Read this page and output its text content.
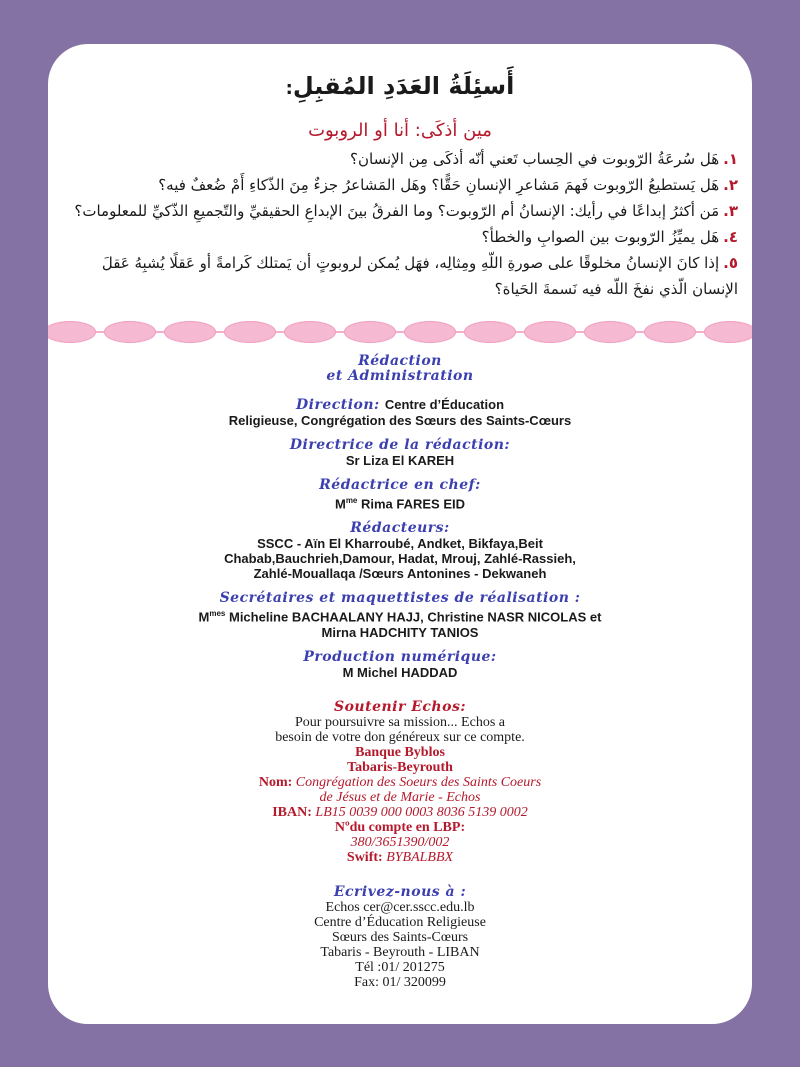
أَسئِلَةُ العَدَدِ المُقبِلِ:
مين أذكَى: أنا أو الروبوت
١.هَل سُرعَةُ الرّوبوت في الحِساب تَعني أنّه أذكَى مِن الإنسان؟
٢.هَل يَستطيعُ الرّوبوت فَهمَ مَشاعرِ الإنسانِ حَقًّا؟ وهَل المَشاعرُ جزءٌ مِنَ الذّكاءِ أَمْ ضُعفٌ فيه؟
٣.مَن أكثرُ إبداعًا في رأيك: الإنسانُ أم الرّوبوت؟ وما الفرقُ بينَ الإبداعِ الحقيقيِّ والتّجميعِ الذّكيِّ للمعلومات؟
٤.هَل يميِّزُ الرّوبوت بين الصوابِ والخطأ؟
٥.إذا كانَ الإنسانُ مخلوقًا على صورةِ اللّهِ ومِثالِه، فهَل يُمكن لروبوتٍ أن يَمتلك كَرامةً أو عَقلًا يُشبِهُ عَقلَ الإنسان الّذي نفخَ اللّه فيه نَسمةَ الحَياة؟
Rédaction
et Administration
Direction: Centre d’Éducation
Religieuse, Congrégation des Sœurs des Saints-Cœurs
Directrice de la rédaction:
Sr Liza El KAREH
Rédactrice en chef:
$M^{me}$ Rima FARES EID
Rédacteurs:
SSCC - Aïn El Kharroubé, Andket, Bikfaya,Beit
Chabab,Bauchrieh,Damour, Hadat, Mrouj, Zahlé-Rassieh,
Zahlé-Mouallaqa /Sœurs Antonines - Dekwaneh
Secrétaires et maquettistes de réalisation :
$M^{mes}$ Micheline BACHAALANY HAJJ, Christine NASR NICOLAS et
Mirna HADCHITY TANIOS
Production numérique:
M Michel HADDAD
Soutenir Echos:
Pour poursuivre sa mission... Echos a
besoin de votre don généreux sur ce compte.
Banque Byblos
Tabaris-Beyrouth
Nom: Congrégation des Soeurs des Saints Coeurs
de Jésus et de Marie - Echos
IBAN: LB15 0039 000 0003 8036 5139 0002
Nºdu compte en LBP:
380/3651390/002
Swift: BYBALBBX
Ecrivez-nous à :
Echos cer@cer.sscc.edu.lb
Centre d’Éducation Religieuse
Sœurs des Saints-Cœurs
Tabaris - Beyrouth - LIBAN
Tél :01/ 201275
Fax: 01/ 320099
